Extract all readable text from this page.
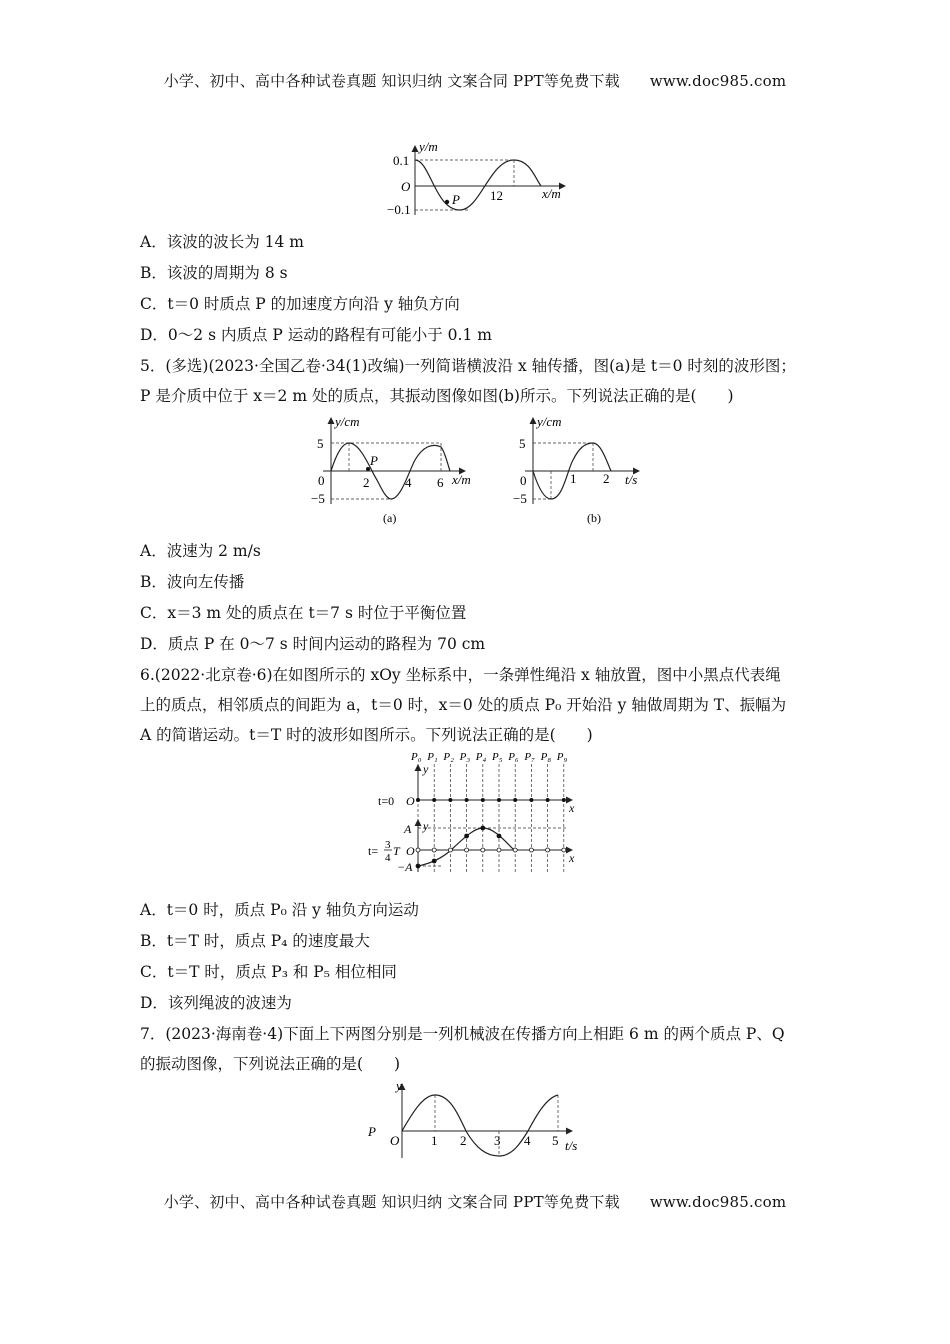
小学、初中、高中各种试卷真题 知识归纳 文案合同 PPT等免费下载 www.doc985.com
y/m
x/m
0.1
O
−0.1
12
P
A．该波的波长为 14 m
B．该波的周期为 8 s
C．t＝0 时质点 P 的加速度方向沿 y 轴负方向
D．0～2 s 内质点 P 运动的路程有可能小于 0.1 m
5．(多选)(2023·全国乙卷·34(1)改编)一列简谐横波沿 x 轴传播，图(a)是 t＝0 时刻的波形图；
P 是介质中位于 x＝2 m 处的质点，其振动图像如图(b)所示。下列说法正确的是(　　)
y/cm
x/m
5
0
−5
2	4 6
P
(a)
y/cm
t/s
5
0
−5
1 2
(b)
A．波速为 2 m/s
B．波向左传播
C．x＝3 m 处的质点在 t＝7 s 时位于平衡位置
D．质点 P 在 0～7 s 时间内运动的路程为 70 cm
6.(2022·北京卷·6)在如图所示的 xOy 坐标系中，一条弹性绳沿 x 轴放置，图中小黑点代表绳
上的质点，相邻质点的间距为 a，t＝0 时，x＝0 处的质点 P₀ 开始沿 y 轴做周期为 T、振幅为
A 的简谐运动。t＝T 时的波形如图所示。下列说法正确的是(　　)
P₀ P₁ P₂ P₃ P₄ P₅ P₆ P₇ P₈ P₉
y
O	x
t=0
y
A
O
−A
x
t= 3
4 T
A．t＝0 时，质点 P₀ 沿 y 轴负方向运动
B．t＝T 时，质点 P₄ 的速度最大
C．t＝T 时，质点 P₃ 和 P₅ 相位相同
D．该列绳波的波速为
7．(2023·海南卷·4)下面上下两图分别是一列机械波在传播方向上相距 6 m 的两个质点 P、Q
的振动图像，下列说法正确的是(　　)
y
t/s
P
O 1 2 3 4 5
小学、初中、高中各种试卷真题 知识归纳 文案合同 PPT等免费下载 www.doc985.com
